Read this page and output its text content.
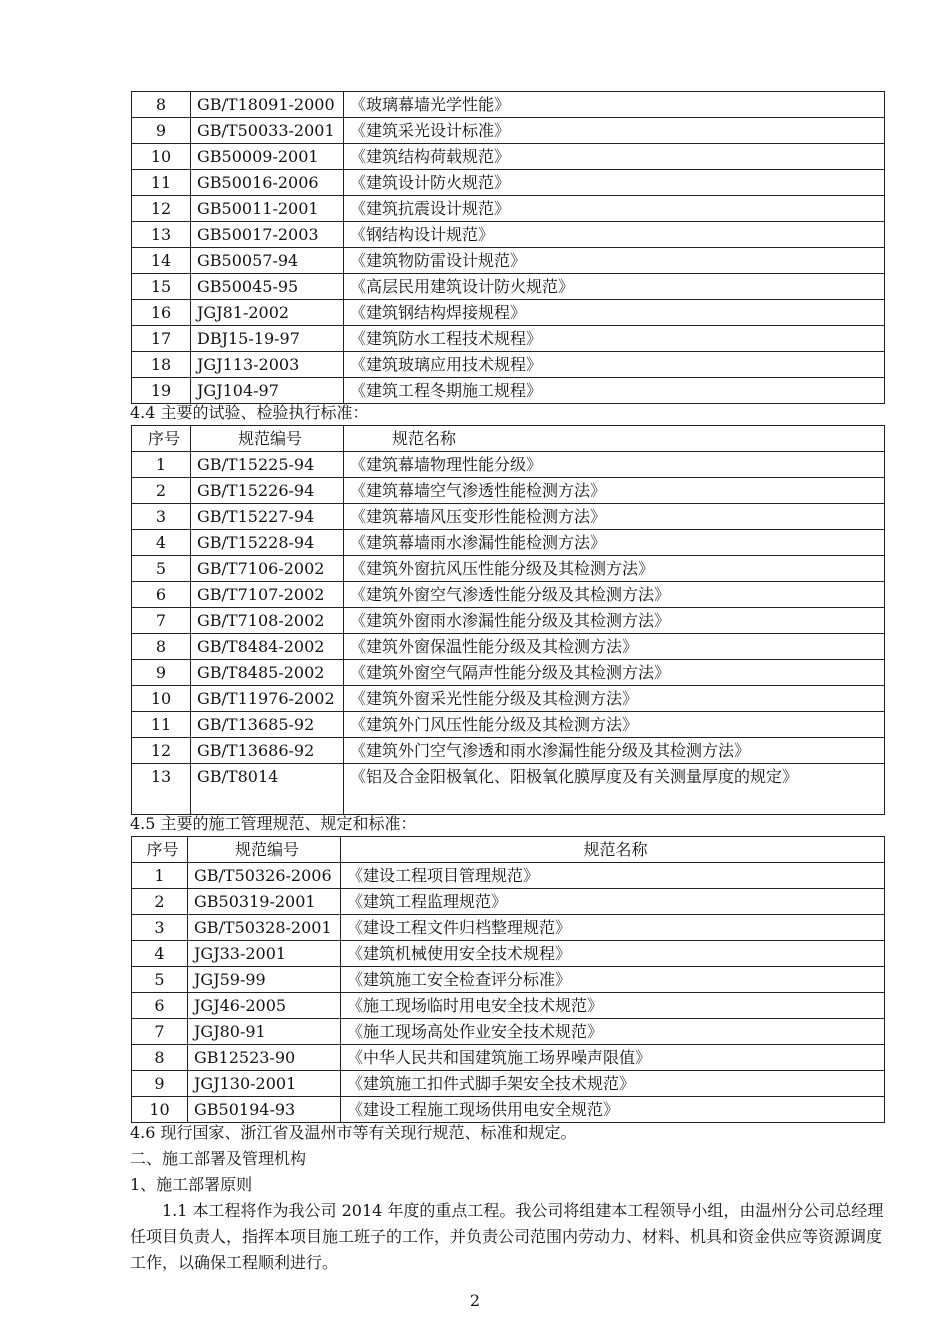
8	GB/T18091-2000	《玻璃幕墙光学性能》
9	GB/T50033-2001	《建筑采光设计标准》
10	GB50009-2001	《建筑结构荷载规范》
11	GB50016-2006	《建筑设计防火规范》
12	GB50011-2001	《建筑抗震设计规范》
13	GB50017-2003	《钢结构设计规范》
14	GB50057-94	《建筑物防雷设计规范》
15	GB50045-95	《高层民用建筑设计防火规范》
16	JGJ81-2002	《建筑钢结构焊接规程》
17	DBJ15-19-97	《建筑防水工程技术规程》
18	JGJ113-2003	《建筑玻璃应用技术规程》
19	JGJ104-97	《建筑工程冬期施工规程》
4.4 主要的试验、检验执行标准：
序号	规范编号	规范名称
1	GB/T15225-94	《建筑幕墙物理性能分级》
2	GB/T15226-94	《建筑幕墙空气渗透性能检测方法》
3	GB/T15227-94	《建筑幕墙风压变形性能检测方法》
4	GB/T15228-94	《建筑幕墙雨水渗漏性能检测方法》
5	GB/T7106-2002	《建筑外窗抗风压性能分级及其检测方法》
6	GB/T7107-2002	《建筑外窗空气渗透性能分级及其检测方法》
7	GB/T7108-2002	《建筑外窗雨水渗漏性能分级及其检测方法》
8	GB/T8484-2002	《建筑外窗保温性能分级及其检测方法》
9	GB/T8485-2002	《建筑外窗空气隔声性能分级及其检测方法》
10	GB/T11976-2002	《建筑外窗采光性能分级及其检测方法》
11	GB/T13685-92	《建筑外门风压性能分级及其检测方法》
12	GB/T13686-92	《建筑外门空气渗透和雨水渗漏性能分级及其检测方法》
13	GB/T8014	《铝及合金阳极氧化、阳极氧化膜厚度及有关测量厚度的规定》
4.5 主要的施工管理规范、规定和标准：
序号	规范编号	规范名称
1	GB/T50326-2006	《建设工程项目管理规范》
2	GB50319-2001	《建筑工程监理规范》
3	GB/T50328-2001	《建设工程文件归档整理规范》
4	JGJ33-2001	《建筑机械使用安全技术规程》
5	JGJ59-99	《建筑施工安全检查评分标准》
6	JGJ46-2005	《施工现场临时用电安全技术规范》
7	JGJ80-91	《施工现场高处作业安全技术规范》
8	GB12523-90	《中华人民共和国建筑施工场界噪声限值》
9	JGJ130-2001	《建筑施工扣件式脚手架安全技术规范》
10	GB50194-93	《建设工程施工现场供用电安全规范》
4.6 现行国家、浙江省及温州市等有关现行规范、标准和规定。
二、施工部署及管理机构
1、施工部署原则
1.1 本工程将作为我公司 2014 年度的重点工程。我公司将组建本工程领导小组，由温州分公司总经理任项目负责人，指挥本项目施工班子的工作，并负责公司范围内劳动力、材料、机具和资金供应等资源调度工作，以确保工程顺利进行。
2
